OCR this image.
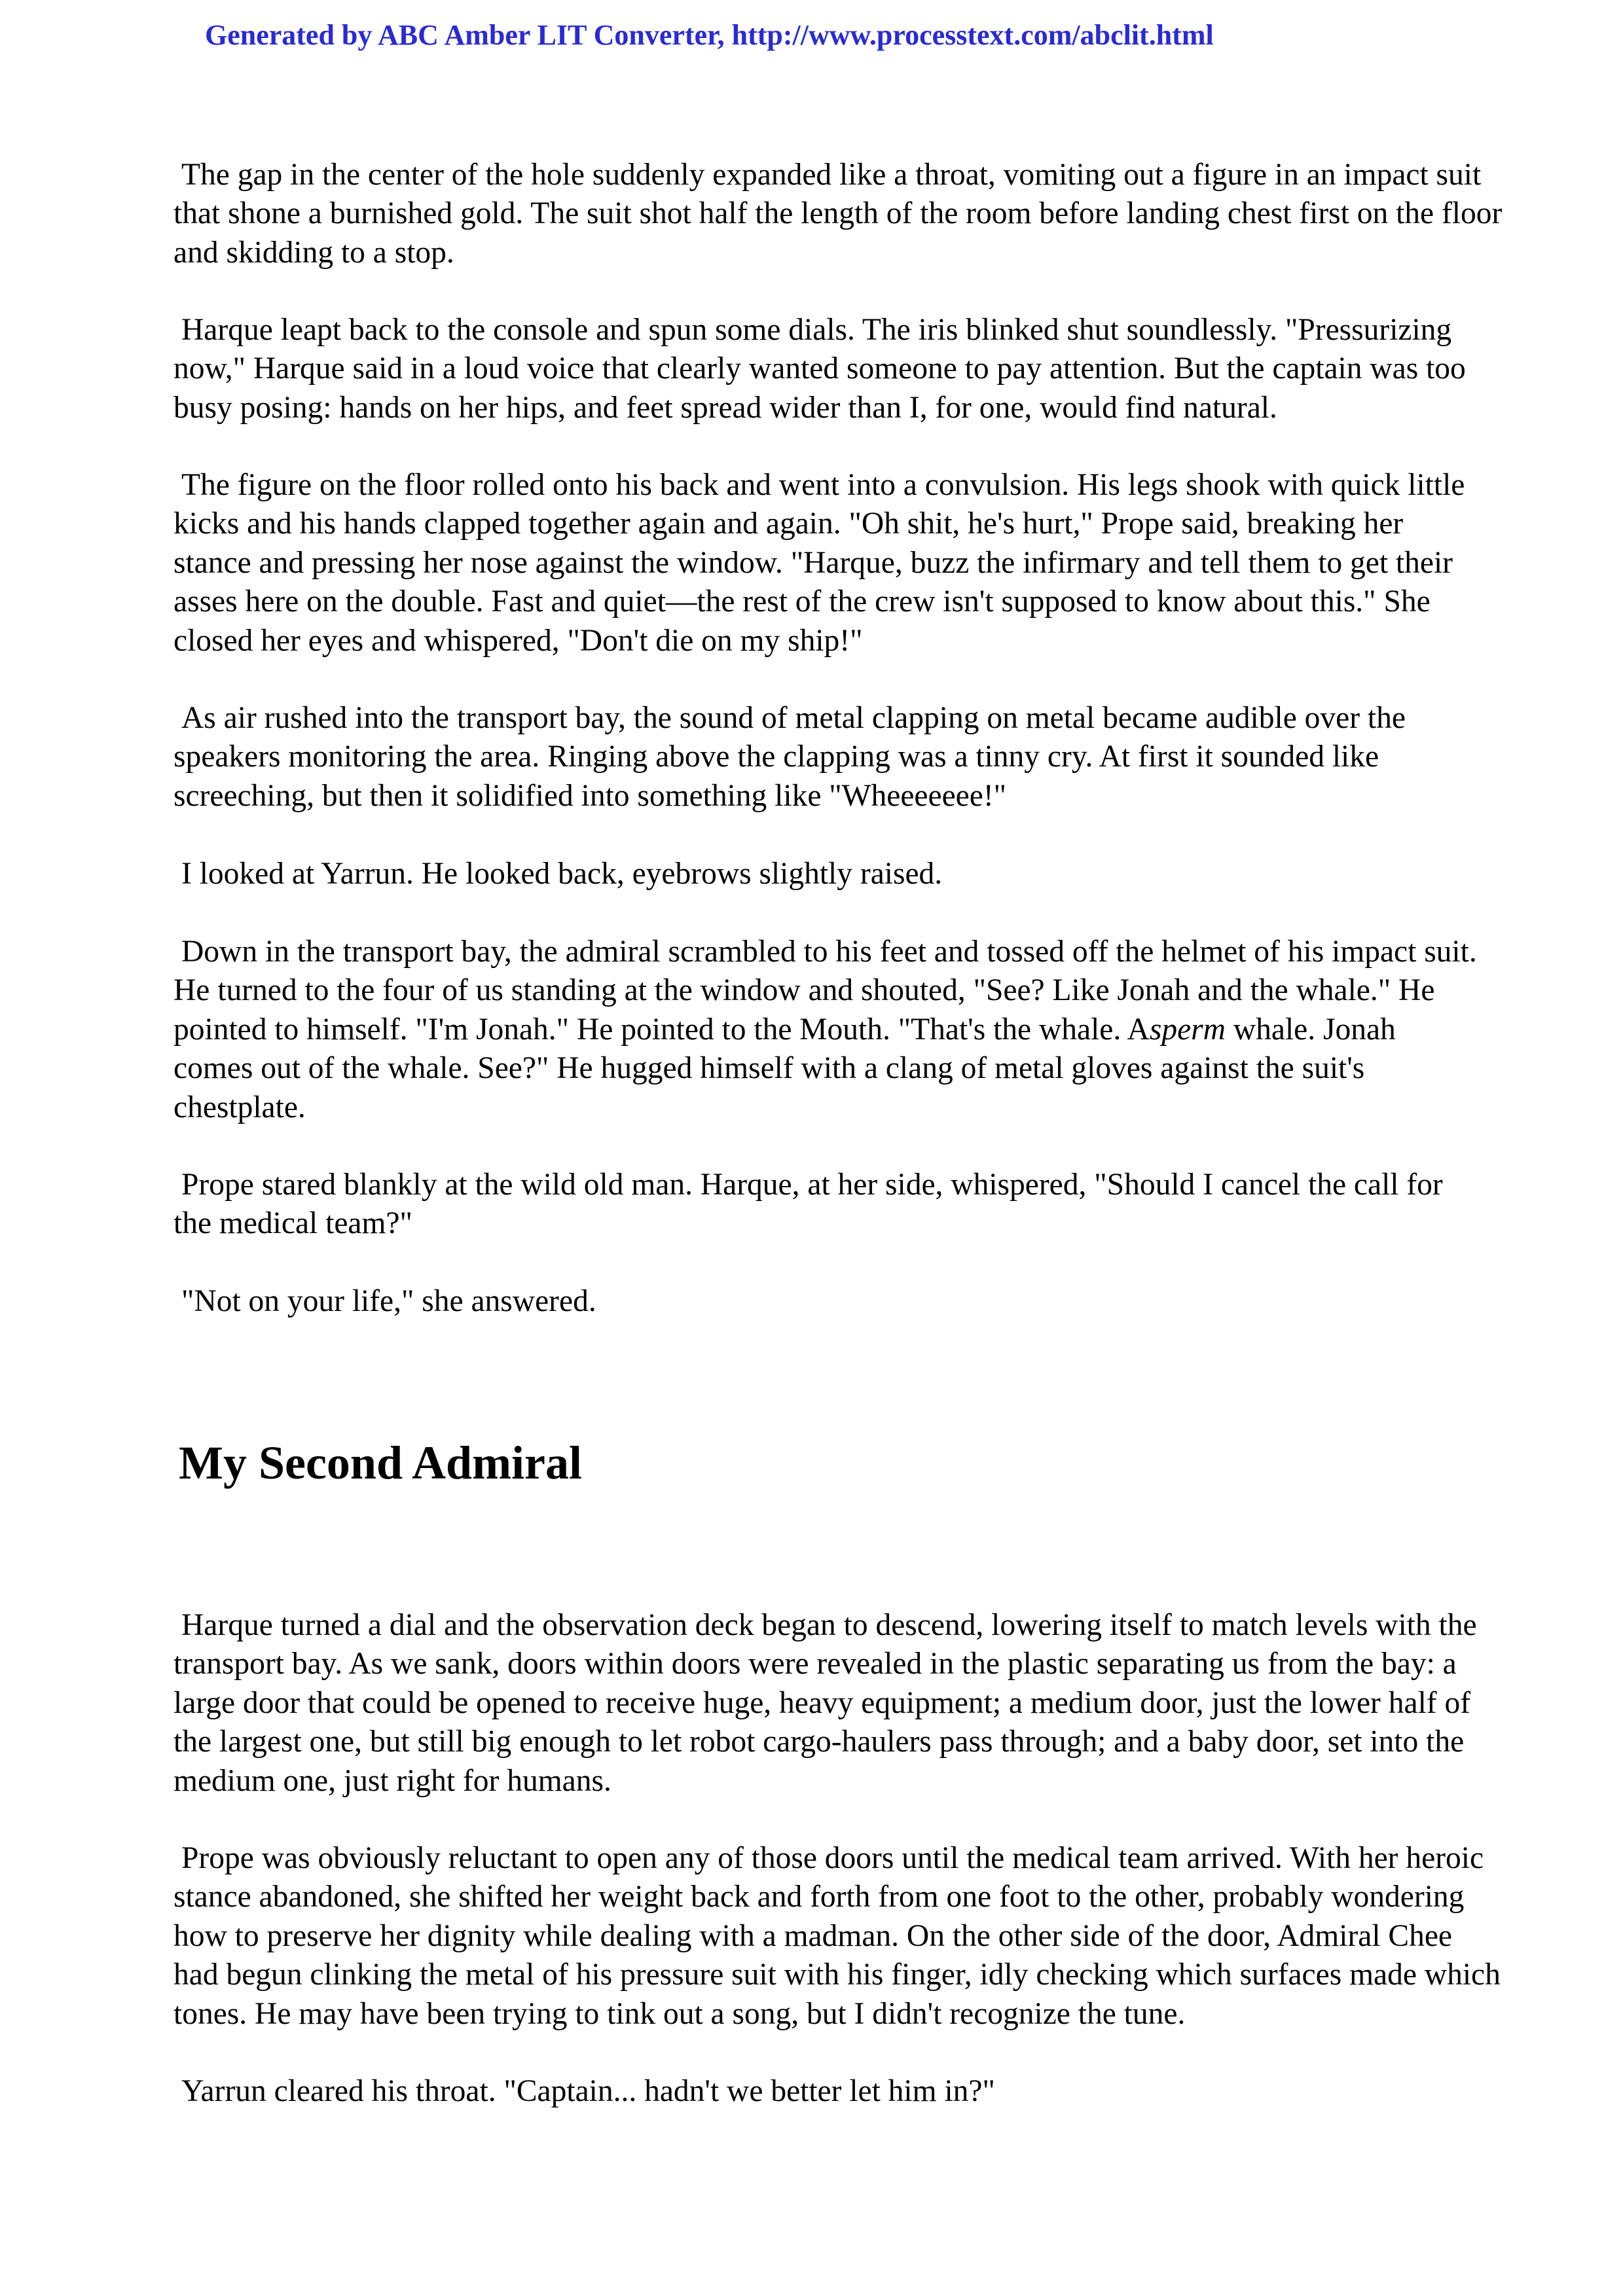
Generated by ABC Amber LIT Converter, http://www.processtext.com/abclit.html
The gap in the center of the hole suddenly expanded like a throat, vomiting out a figure in an impact suit
that shone a burnished gold. The suit shot half the length of the room before landing chest first on the floor
and skidding to a stop.
Harque leapt back to the console and spun some dials. The iris blinked shut soundlessly. "Pressurizing
now," Harque said in a loud voice that clearly wanted someone to pay attention. But the captain was too
busy posing: hands on her hips, and feet spread wider than I, for one, would find natural.
The figure on the floor rolled onto his back and went into a convulsion. His legs shook with quick little
kicks and his hands clapped together again and again. "Oh shit, he's hurt," Prope said, breaking her
stance and pressing her nose against the window. "Harque, buzz the infirmary and tell them to get their
asses here on the double. Fast and quiet—the rest of the crew isn't supposed to know about this." She
closed her eyes and whispered, "Don't die on my ship!"
As air rushed into the transport bay, the sound of metal clapping on metal became audible over the
speakers monitoring the area. Ringing above the clapping was a tinny cry. At first it sounded like
screeching, but then it solidified into something like "Wheeeeeee!"
I looked at Yarrun. He looked back, eyebrows slightly raised.
Down in the transport bay, the admiral scrambled to his feet and tossed off the helmet of his impact suit.
He turned to the four of us standing at the window and shouted, "See? Like Jonah and the whale." He
pointed to himself. "I'm Jonah." He pointed to the Mouth. "That's the whale. Asperm whale. Jonah
comes out of the whale. See?" He hugged himself with a clang of metal gloves against the suit's
chestplate.
Prope stared blankly at the wild old man. Harque, at her side, whispered, "Should I cancel the call for
the medical team?"
"Not on your life," she answered.
My Second Admiral
Harque turned a dial and the observation deck began to descend, lowering itself to match levels with the
transport bay. As we sank, doors within doors were revealed in the plastic separating us from the bay: a
large door that could be opened to receive huge, heavy equipment; a medium door, just the lower half of
the largest one, but still big enough to let robot cargo-haulers pass through; and a baby door, set into the
medium one, just right for humans.
Prope was obviously reluctant to open any of those doors until the medical team arrived. With her heroic
stance abandoned, she shifted her weight back and forth from one foot to the other, probably wondering
how to preserve her dignity while dealing with a madman. On the other side of the door, Admiral Chee
had begun clinking the metal of his pressure suit with his finger, idly checking which surfaces made which
tones. He may have been trying to tink out a song, but I didn't recognize the tune.
Yarrun cleared his throat. "Captain... hadn't we better let him in?"
